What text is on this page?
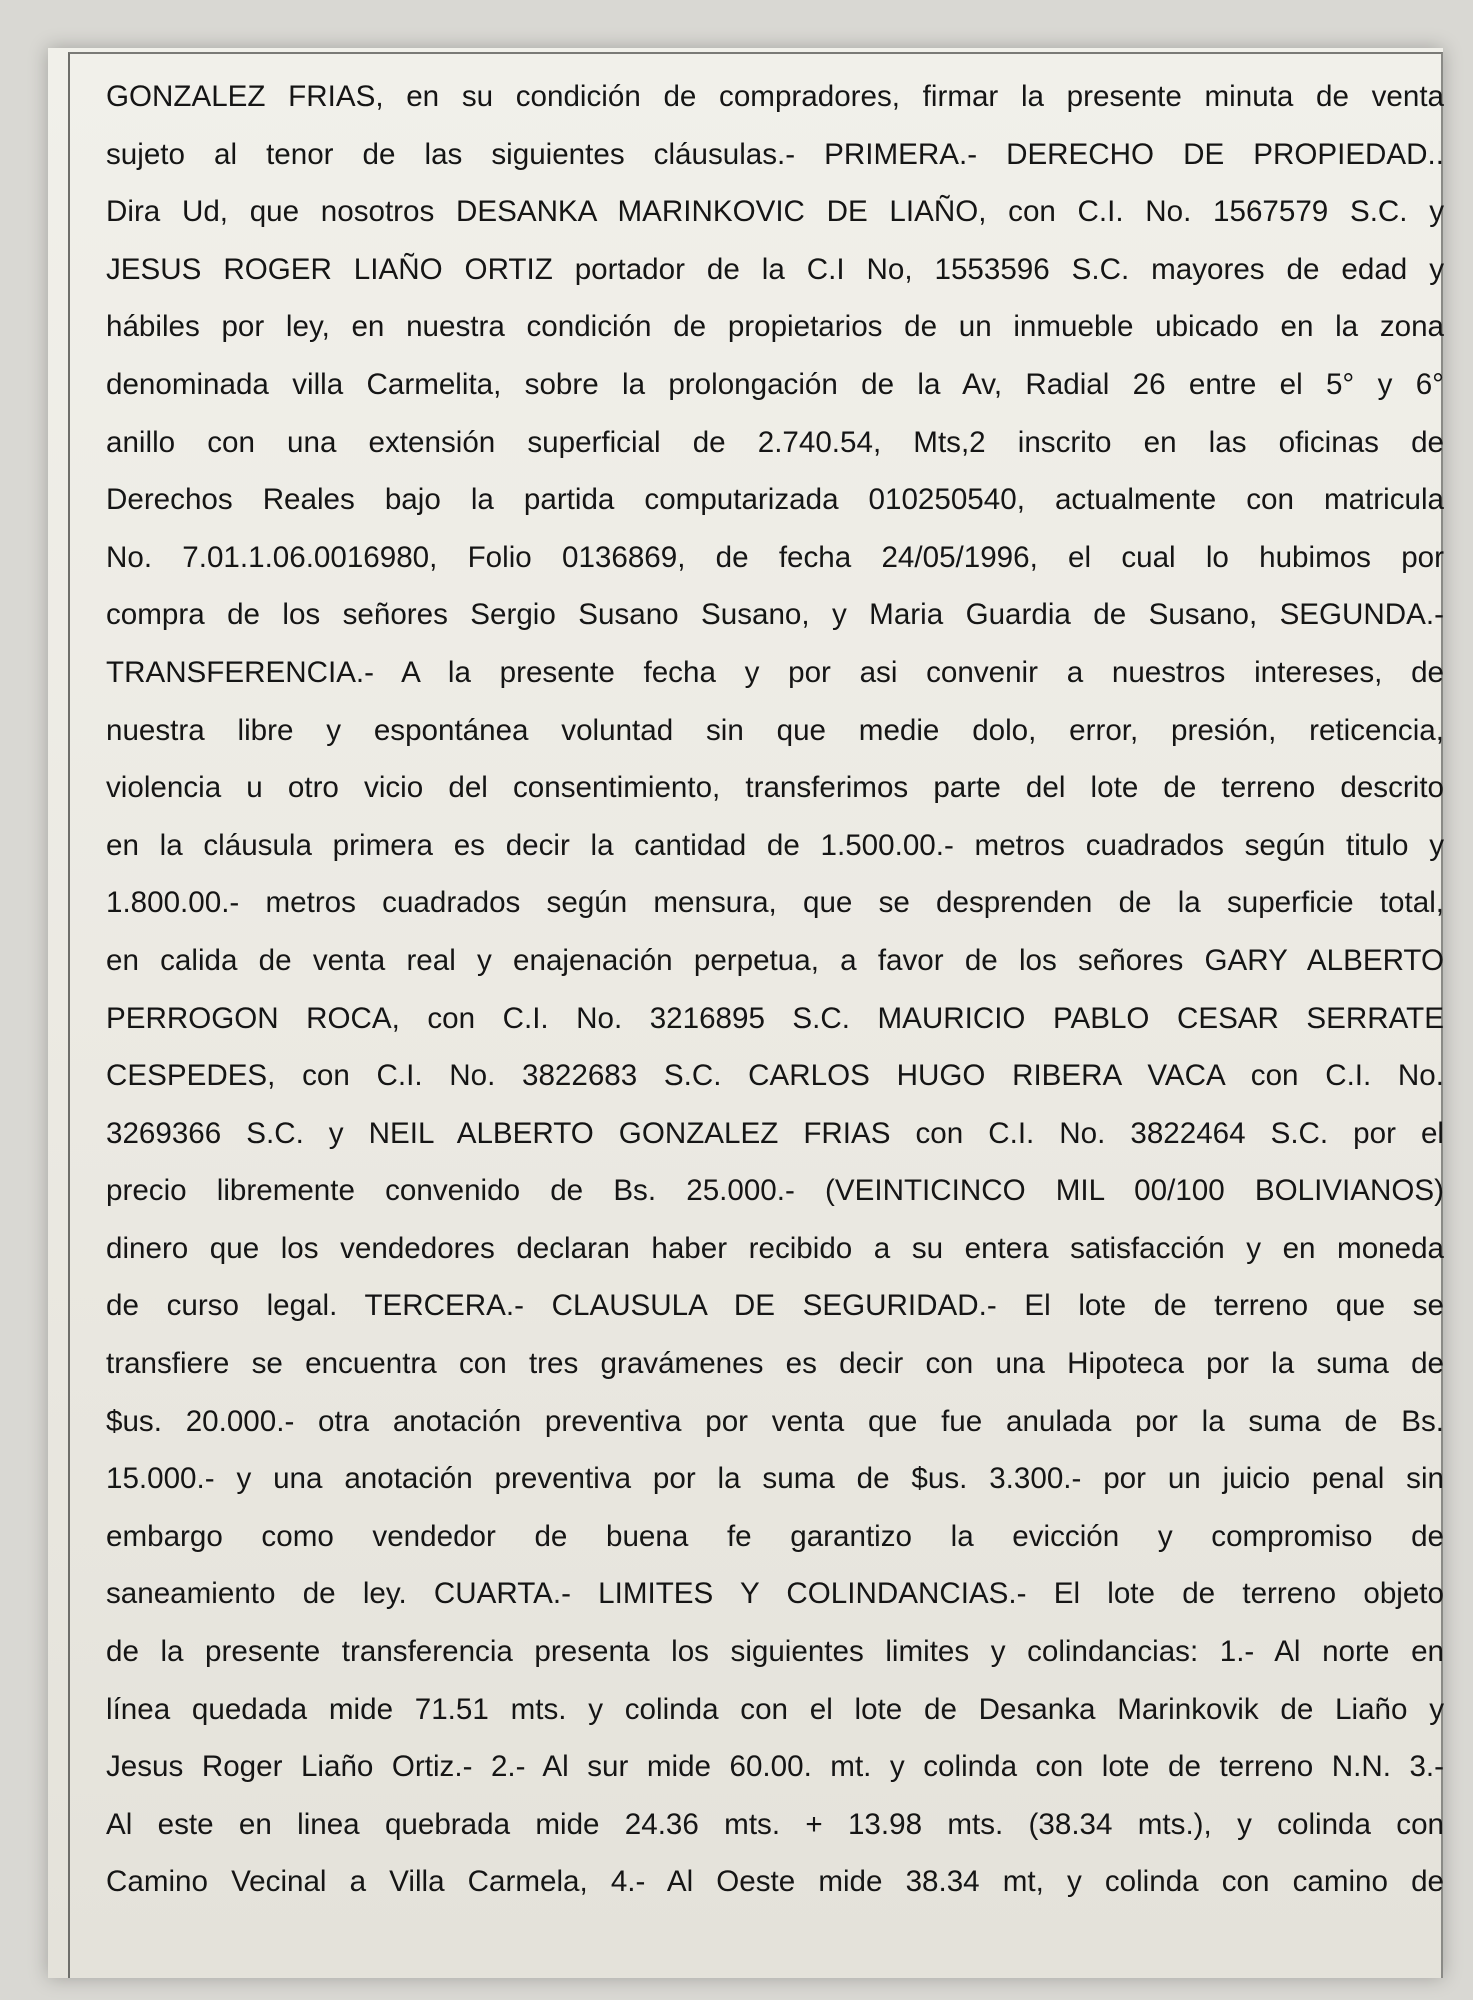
GONZALEZ FRIAS, en su condición de compradores, firmar la presente minuta de venta
sujeto al tenor de las siguientes cláusulas.- PRIMERA.- DERECHO DE PROPIEDAD..
Dira Ud, que nosotros DESANKA MARINKOVIC DE LIAÑO, con C.I. No. 1567579 S.C. y
JESUS ROGER LIAÑO ORTIZ portador de la C.I No, 1553596 S.C. mayores de edad y
hábiles por ley, en nuestra condición de propietarios de un inmueble ubicado en la zona
denominada villa Carmelita, sobre la prolongación de la Av, Radial 26 entre el 5° y 6°
anillo con una extensión superficial de 2.740.54, Mts,2 inscrito en las oficinas de
Derechos Reales bajo la partida computarizada 010250540, actualmente con matricula
No. 7.01.1.06.0016980, Folio 0136869, de fecha 24/05/1996, el cual lo hubimos por
compra de los señores Sergio Susano Susano, y Maria Guardia de Susano, SEGUNDA.-
TRANSFERENCIA.- A la presente fecha y por asi convenir a nuestros intereses, de
nuestra libre y espontánea voluntad sin que medie dolo, error, presión, reticencia,
violencia u otro vicio del consentimiento, transferimos parte del lote de terreno descrito
en la cláusula primera es decir la cantidad de 1.500.00.- metros cuadrados según titulo y
1.800.00.- metros cuadrados según mensura, que se desprenden de la superficie total,
en calida de venta real y enajenación perpetua, a favor de los señores GARY ALBERTO
PERROGON ROCA, con C.I. No. 3216895 S.C. MAURICIO PABLO CESAR SERRATE
CESPEDES, con C.I. No. 3822683 S.C. CARLOS HUGO RIBERA VACA con C.I. No.
3269366 S.C. y NEIL ALBERTO GONZALEZ FRIAS con C.I. No. 3822464 S.C. por el
precio libremente convenido de Bs. 25.000.- (VEINTICINCO MIL 00/100 BOLIVIANOS)
dinero que los vendedores declaran haber recibido a su entera satisfacción y en moneda
de curso legal. TERCERA.- CLAUSULA DE SEGURIDAD.- El lote de terreno que se
transfiere se encuentra con tres gravámenes es decir con una Hipoteca por la suma de
$us. 20.000.- otra anotación preventiva por venta que fue anulada por la suma de Bs.
15.000.- y una anotación preventiva por la suma de $us. 3.300.- por un juicio penal sin
embargo como vendedor de buena fe garantizo la evicción y compromiso de
saneamiento de ley. CUARTA.- LIMITES Y COLINDANCIAS.- El lote de terreno objeto
de la presente transferencia presenta los siguientes limites y colindancias: 1.- Al norte en
línea quedada mide 71.51 mts. y colinda con el lote de Desanka Marinkovik de Liaño y
Jesus Roger Liaño Ortiz.- 2.- Al sur mide 60.00. mt. y colinda con lote de terreno N.N. 3.-
Al este en linea quebrada mide 24.36 mts. + 13.98 mts. (38.34 mts.), y colinda con
Camino Vecinal a Villa Carmela, 4.- Al Oeste mide 38.34 mt, y colinda con camino de
